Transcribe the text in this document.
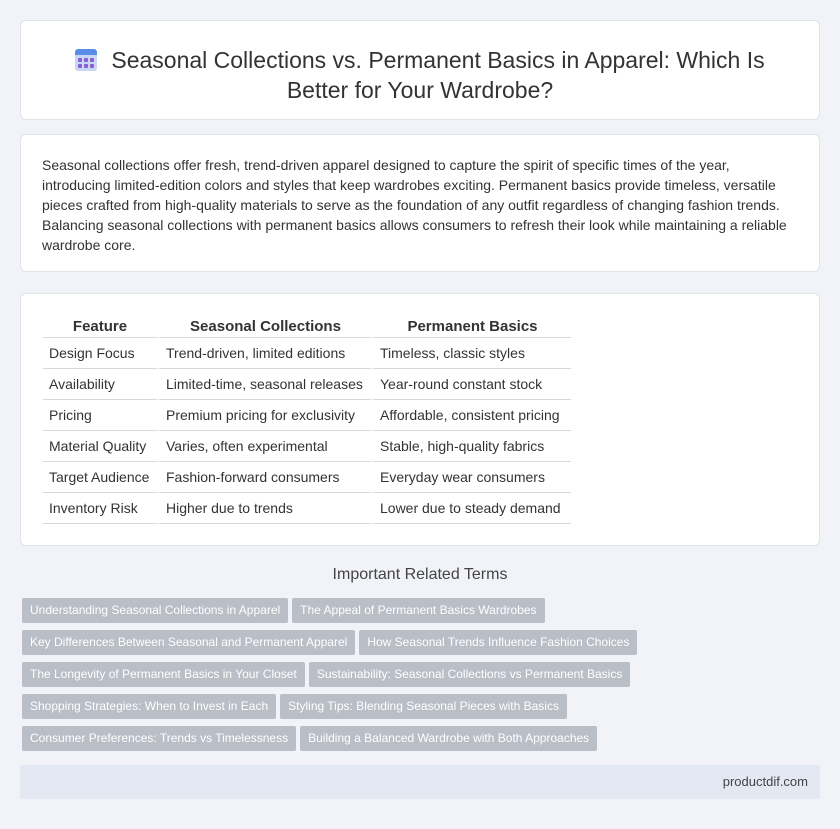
Seasonal Collections vs. Permanent Basics in Apparel: Which Is Better for Your Wardrobe?

Seasonal collections offer fresh, trend-driven apparel designed to capture the spirit of specific times of the year, introducing limited-edition colors and styles that keep wardrobes exciting. Permanent basics provide timeless, versatile pieces crafted from high-quality materials to serve as the foundation of any outfit regardless of changing fashion trends. Balancing seasonal collections with permanent basics allows consumers to refresh their look while maintaining a reliable wardrobe core.

Feature	Seasonal Collections	Permanent Basics
Design Focus	Trend-driven, limited editions	Timeless, classic styles
Availability	Limited-time, seasonal releases	Year-round constant stock
Pricing	Premium pricing for exclusivity	Affordable, consistent pricing
Material Quality	Varies, often experimental	Stable, high-quality fabrics
Target Audience	Fashion-forward consumers	Everyday wear consumers
Inventory Risk	Higher due to trends	Lower due to steady demand
Important Related Terms
Understanding Seasonal Collections in Apparel The Appeal of Permanent Basics Wardrobes
Key Differences Between Seasonal and Permanent Apparel How Seasonal Trends Influence Fashion Choices
The Longevity of Permanent Basics in Your Closet Sustainability: Seasonal Collections vs Permanent Basics
Shopping Strategies: When to Invest in Each Styling Tips: Blending Seasonal Pieces with Basics
Consumer Preferences: Trends vs Timelessness Building a Balanced Wardrobe with Both Approaches
productdif.com
